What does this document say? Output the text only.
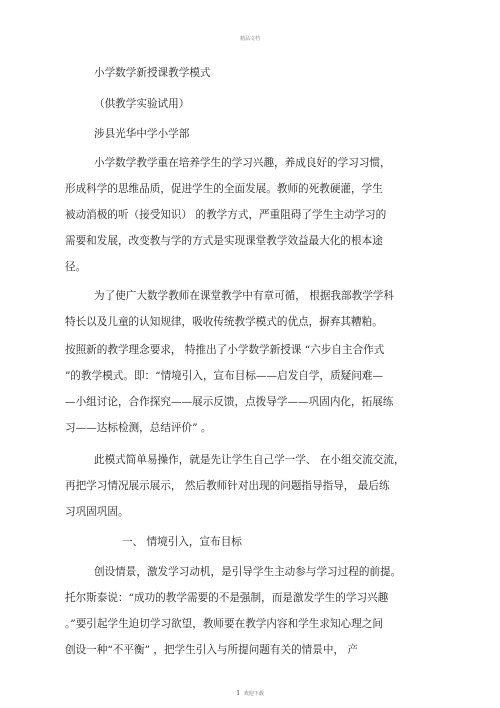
精品文档
小学数学新授课教学模式
（供教学实验试用）
涉县光华中学小学部
小学数学教学重在培养学生的学习兴趣，养成良好的学习习惯，
形成科学的思维品质，促进学生的全面发展。教师的死教硬灌，学生
被动消极的听（接受知识） 的教学方式，严重阻碍了学生主动学习的
需要和发展，改变教与学的方式是实现课堂教学效益最大化的根本途
径。
为了使广大数学教师在课堂教学中有章可循， 根据我部教学学科
特长以及儿童的认知规律，吸收传统教学模式的优点，摒弃其糟粕。
按照新的教学理念要求， 特推出了小学数学新授课 “六步自主合作式
”的教学模式。即：“情境引入，宣布目标——启发自学，质疑问难—
—小组讨论，合作探究——展示反馈，点拨导学——巩固内化，拓展练
习——达标检测，总结评价” 。
此模式简单易操作，就是先让学生自己学一学、 在小组交流交流，
再把学习情况展示展示， 然后教师针对出现的问题指导指导， 最后练
习巩固巩固。
一、 情境引入，宣布目标
创设情景，激发学习动机，是引导学生主动参与学习过程的前提。
托尔斯泰说：“成功的教学需要的不是强制，而是激发学生的学习兴趣
。”要引起学生迫切学习欲望，教师要在教学内容和学生求知心理之间
创设一种“不平衡” ，把学生引入与所提问题有关的情景中， 产
1 欢迎下载
